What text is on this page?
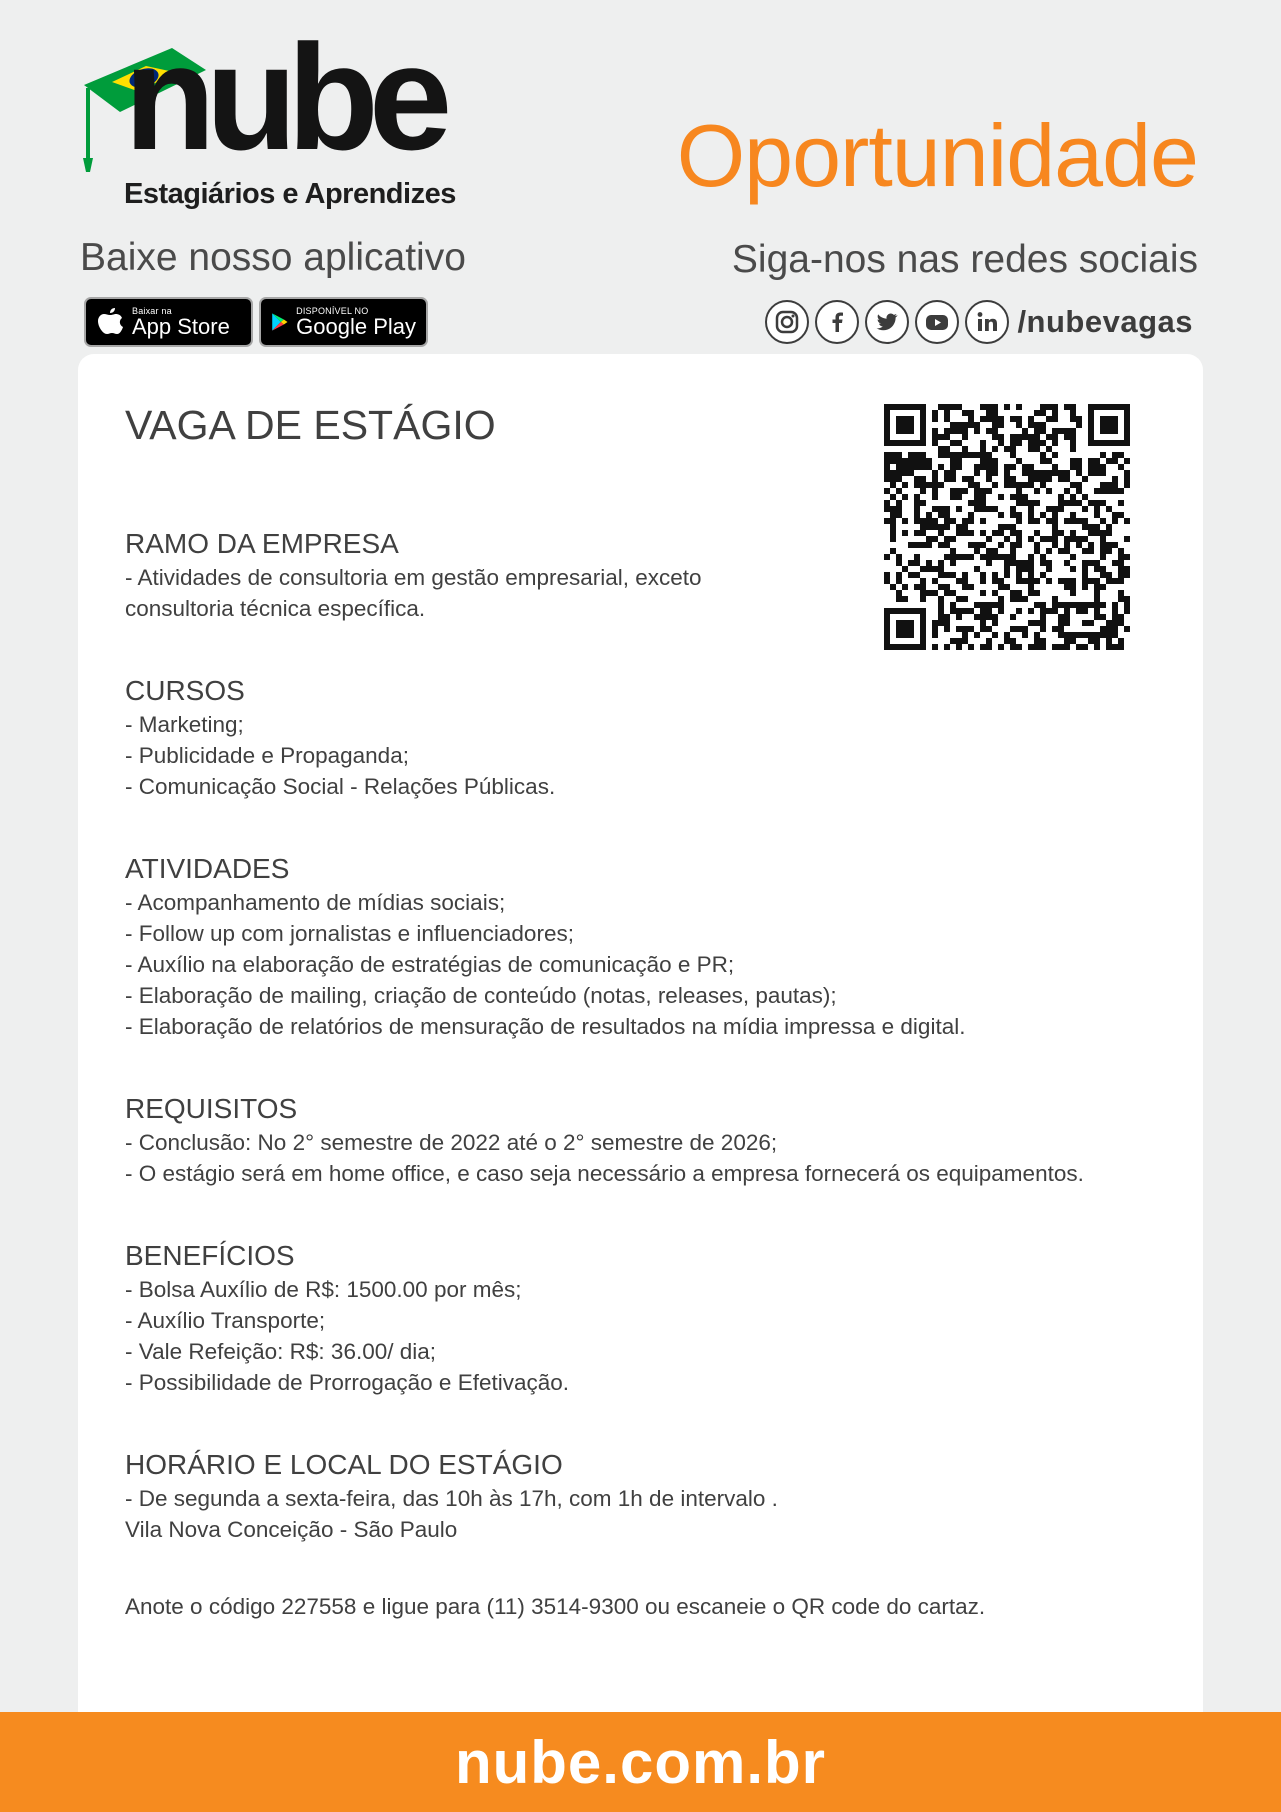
nube
Estagiários e Aprendizes	Oportunidade
Baixe nosso aplicativo
Baixar na
App Store
DISPONÍVEL NO
Google Play
Siga-nos nas redes sociais
/nubevagas
VAGA DE ESTÁGIO
RAMO DA EMPRESA
- Atividades de consultoria em gestão empresarial, exceto
consultoria técnica específica.
CURSOS
- Marketing;
- Publicidade e Propaganda;
- Comunicação Social - Relações Públicas.
ATIVIDADES
- Acompanhamento de mídias sociais;
- Follow up com jornalistas e influenciadores;
- Auxílio na elaboração de estratégias de comunicação e PR;
- Elaboração de mailing, criação de conteúdo (notas, releases, pautas);
- Elaboração de relatórios de mensuração de resultados na mídia impressa e digital.
REQUISITOS
- Conclusão: No 2° semestre de 2022 até o 2° semestre de 2026;
- O estágio será em home office, e caso seja necessário a empresa fornecerá os equipamentos.
BENEFÍCIOS
- Bolsa Auxílio de R$: 1500.00 por mês;
- Auxílio Transporte;
- Vale Refeição: R$: 36.00/ dia;
- Possibilidade de Prorrogação e Efetivação.
HORÁRIO E LOCAL DO ESTÁGIO
- De segunda a sexta-feira, das 10h às 17h, com 1h de intervalo .
Vila Nova Conceição - São Paulo
Anote o código 227558 e ligue para (11) 3514-9300 ou escaneie o QR code do cartaz.
nube.com.br
